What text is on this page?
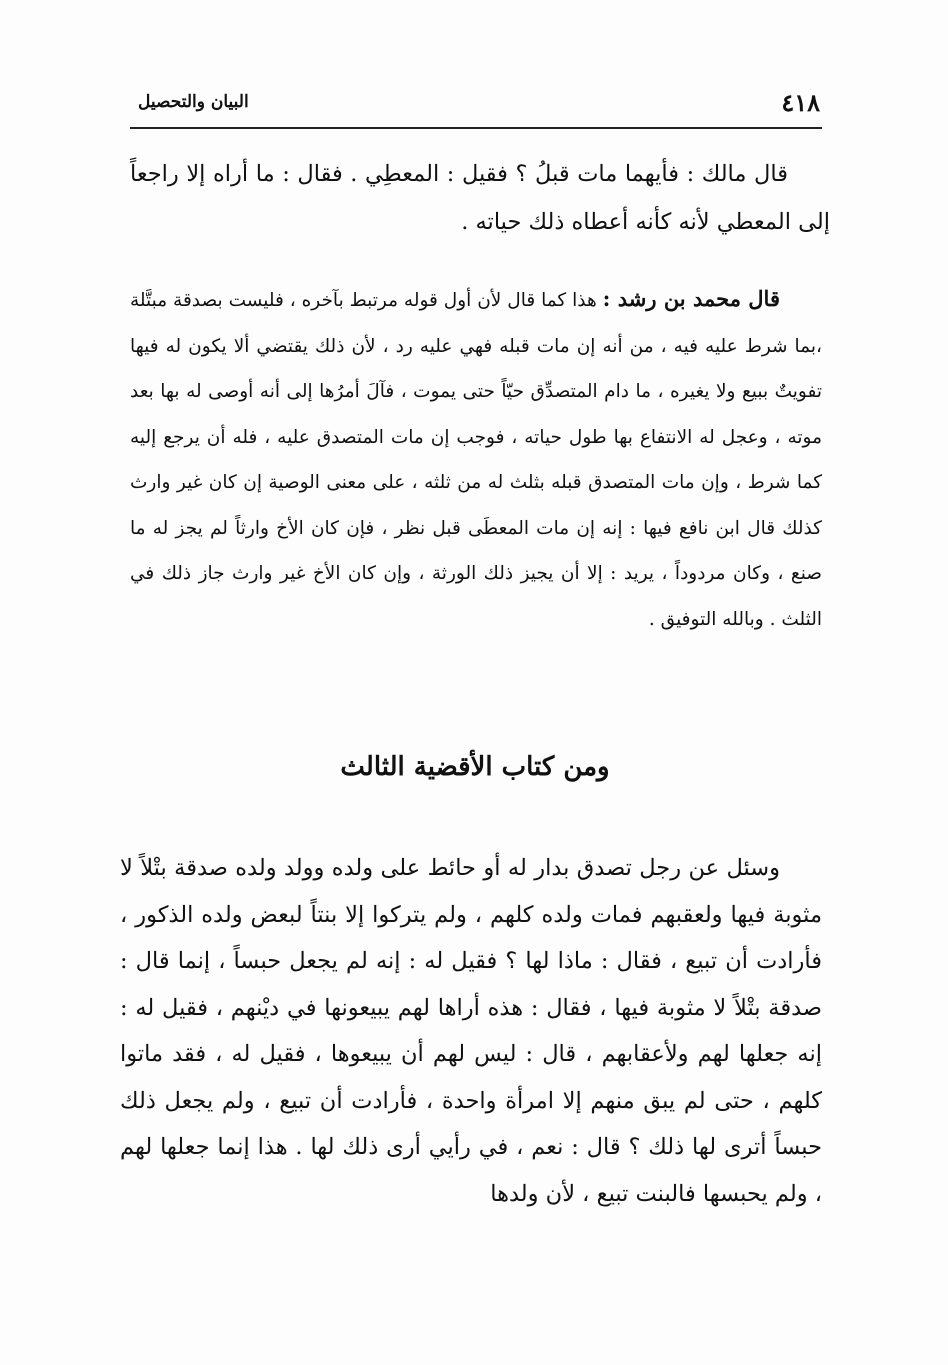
٤١٨
البيان والتحصيل

قال مالك : فأيهما مات قبلُ ؟ فقيل : المعطِي . فقال : ما أراه إلا راجعاً إلى المعطي لأنه كأنه أعطاه ذلك حياته .

قال محمد بن رشد : هذا كما قال لأن أول قوله مرتبط بآخره ، فليست بصدقة مبتَّلة ،بما شرط عليه فيه ، من أنه إن مات قبله فهي عليه رد ، لأن ذلك يقتضي ألا يكون له فيها تفويتٌ ببيع ولا يغيره ، ما دام المتصدِّق حيّاً حتى يموت ، فآلَ أمرُها إلى أنه أوصى له بها بعد موته ، وعجل له الانتفاع بها طول حياته ، فوجب إن مات المتصدق عليه ، فله أن يرجع إليه كما شرط ، وإن مات المتصدق قبله بثلث له من ثلثه ، على معنى الوصية إن كان غير وارث كذلك قال ابن نافع فيها : إنه إن مات المعطَى قبل نظر ، فإن كان الأخ وارثاً لم يجز له ما صنع ، وكان مردوداً ، يريد : إلا أن يجيز ذلك الورثة ، وإن كان الأخ غير وارث جاز ذلك في الثلث . وبالله التوفيق .

ومن كتاب الأقضية الثالث

وسئل عن رجل تصدق بدار له أو حائط على ولده وولد ولده صدقة بتْلاً لا مثوبة فيها ولعقبهم فمات ولده كلهم ، ولم يتركوا إلا بنتاً لبعض ولده الذكور ، فأرادت أن تبيع ، فقال : ماذا لها ؟ فقيل له : إنه لم يجعل حبساً ، إنما قال : صدقة بتْلاً لا مثوبة فيها ، فقال : هذه أراها لهم يبيعونها في ديْنهم ، فقيل له : إنه جعلها لهم ولأعقابهم ، قال : ليس لهم أن يبيعوها ، فقيل له ، فقد ماتوا كلهم ، حتى لم يبق منهم إلا امرأة واحدة ، فأرادت أن تبيع ، ولم يجعل ذلك حبساً أترى لها ذلك ؟ قال : نعم ، في رأيي أرى ذلك لها . هذا إنما جعلها لهم ، ولم يحبسها فالبنت تبيع ، لأن ولدها
